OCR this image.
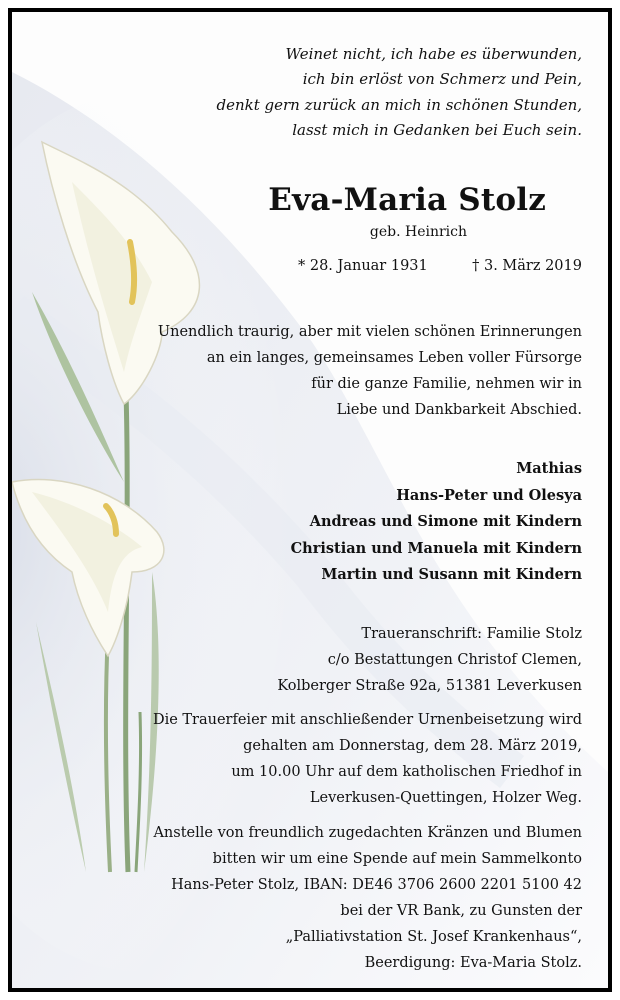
Weinet nicht, ich habe es überwunden,
ich bin erlöst von Schmerz und Pein,
denkt gern zurück an mich in schönen Stunden,
lasst mich in Gedanken bei Euch sein.
Eva-Maria Stolz
geb. Heinrich
* 28. Januar 1931	† 3. März 2019
Unendlich traurig, aber mit vielen schönen Erinnerungen
an ein langes, gemeinsames Leben voller Fürsorge
für die ganze Familie, nehmen wir in
Liebe und Dankbarkeit Abschied.
Mathias
Hans-Peter und Olesya
Andreas und Simone mit Kindern
Christian und Manuela mit Kindern
Martin und Susann mit Kindern
Traueranschrift: Familie Stolz
c/o Bestattungen Christof Clemen,
Kolberger Straße 92a, 51381 Leverkusen
Die Trauerfeier mit anschließender Urnenbeisetzung wird
gehalten am Donnerstag, dem 28. März 2019,
um 10.00 Uhr auf dem katholischen Friedhof in
Leverkusen-Quettingen, Holzer Weg.
Anstelle von freundlich zugedachten Kränzen und Blumen
bitten wir um eine Spende auf mein Sammelkonto
Hans-Peter Stolz, IBAN: DE46 3706 2600 2201 5100 42
bei der VR Bank, zu Gunsten der
„Palliativstation St. Josef Krankenhaus“,
Beerdigung: Eva-Maria Stolz.
